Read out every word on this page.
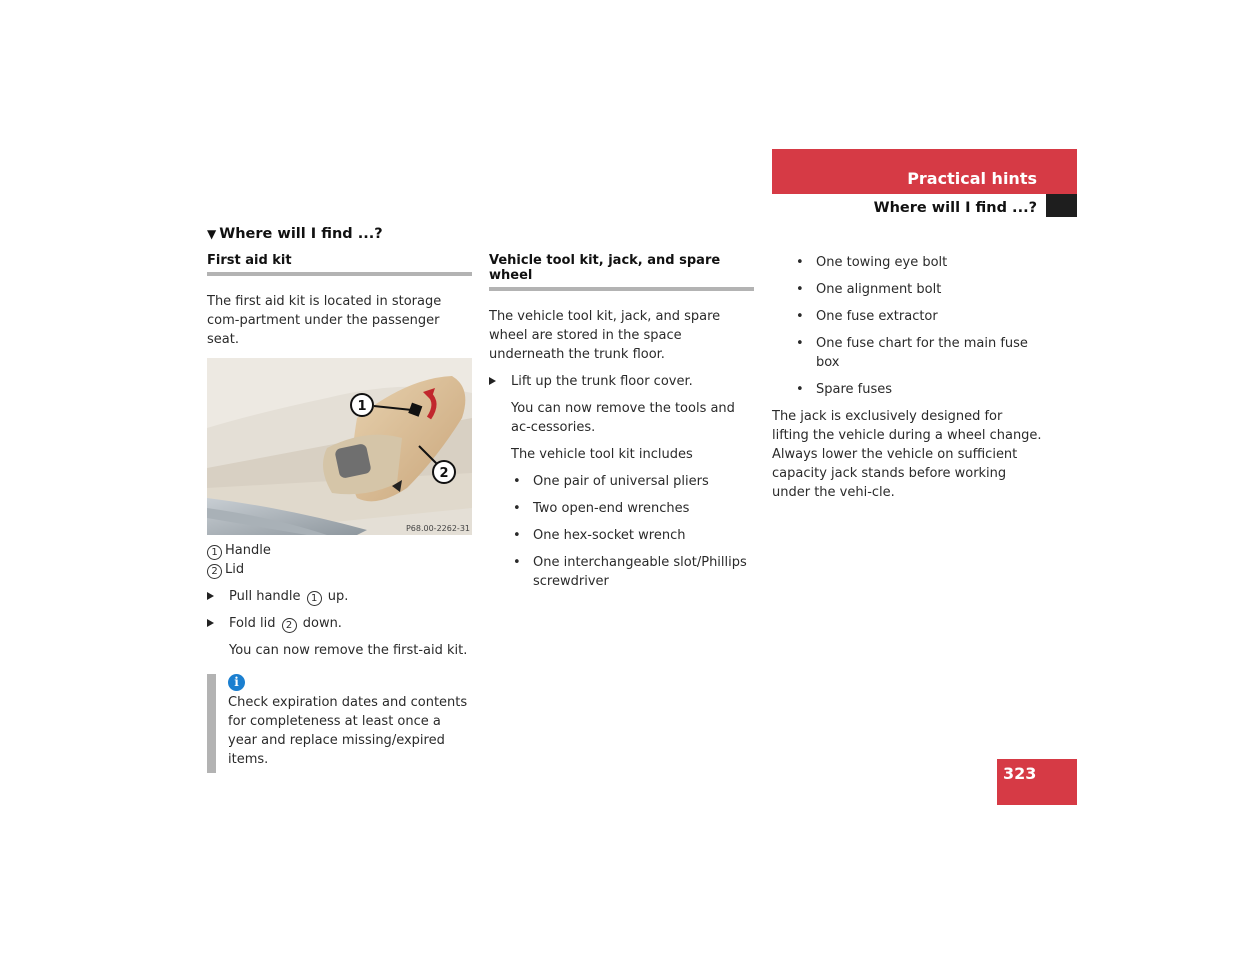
Practical hints
Where will I find ...?
▼ Where will I find ...?
First aid kit

The first aid kit is located in storage com-partment under the passenger seat.

1
2
P68.00-2262-31

1 Handle

2 Lid

Pull handle 1 up.

Fold lid 2 down.

You can now remove the first-aid kit.

i

Check expiration dates and contents for completeness at least once a year and replace missing/expired items.

Vehicle tool kit, jack, and spare wheel

The vehicle tool kit, jack, and spare wheel are stored in the space underneath the trunk floor.

Lift up the trunk floor cover.

You can now remove the tools and ac-cessories.

The vehicle tool kit includes

• One pair of universal pliers

• Two open-end wrenches

• One hex-socket wrench

• One interchangeable slot/Phillips screwdriver

• One towing eye bolt

• One alignment bolt

• One fuse extractor

• One fuse chart for the main fuse box

• Spare fuses

The jack is exclusively designed for lifting the vehicle during a wheel change. Always lower the vehicle on sufficient capacity jack stands before working under the vehi-cle.

323
